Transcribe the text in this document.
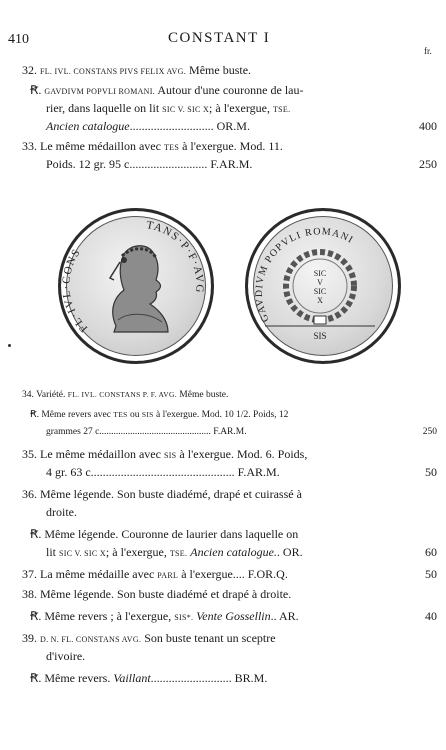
410	CONSTANT I
fr.
32. FL. IVL. CONSTANS PIVS FELIX AVG. Même buste.
Ꞧ. GAVDIVM POPVLI ROMANI. Autour d'une couronne de lau-
rier, dans laquelle on lit SIC V. SIC X; à l'exergue, TSE.
Ancien catalogue............................ OR.M.	400
33. Le même médaillon avec TES à l'exergue. Mod. 11.
Poids. 12 gr. 95 c.......................... F.AR.M.	250
FL·IVL·CONS
TANS·P·F·AVG
GAVDIVM POPVLI ROMANI
SIC
V
SIC
X
SIS
34. Variété. FL. IVL. CONSTANS P. F. AVG. Même buste.
Ꞧ. Même revers avec TES ou SIS à l'exergue. Mod. 10 1/2. Poids, 12
grammes 27 c............................................... F.AR.M.	250
35. Le même médaillon avec SIS à l'exergue. Mod. 6. Poids,
4 gr. 63 c................................................ F.AR.M.	50
36. Même légende. Son buste diadémé, drapé et cuirassé à
droite.
Ꞧ. Même légende. Couronne de laurier dans laquelle on
lit SIC V. SIC X; à l'exergue, TSE. Ancien catalogue.. OR.	60
37. La même médaille avec PARL à l'exergue.... F.OR.Q.	50
38. Même légende. Son buste diadémé et drapé à droite.
Ꞧ. Même revers ; à l'exergue, SIS*. Vente Gossellin.. AR.	40
39. D. N. FL. CONSTANS AVG. Son buste tenant un sceptre
d'ivoire.
Ꞧ. Même revers. Vaillant........................... BR.M.
